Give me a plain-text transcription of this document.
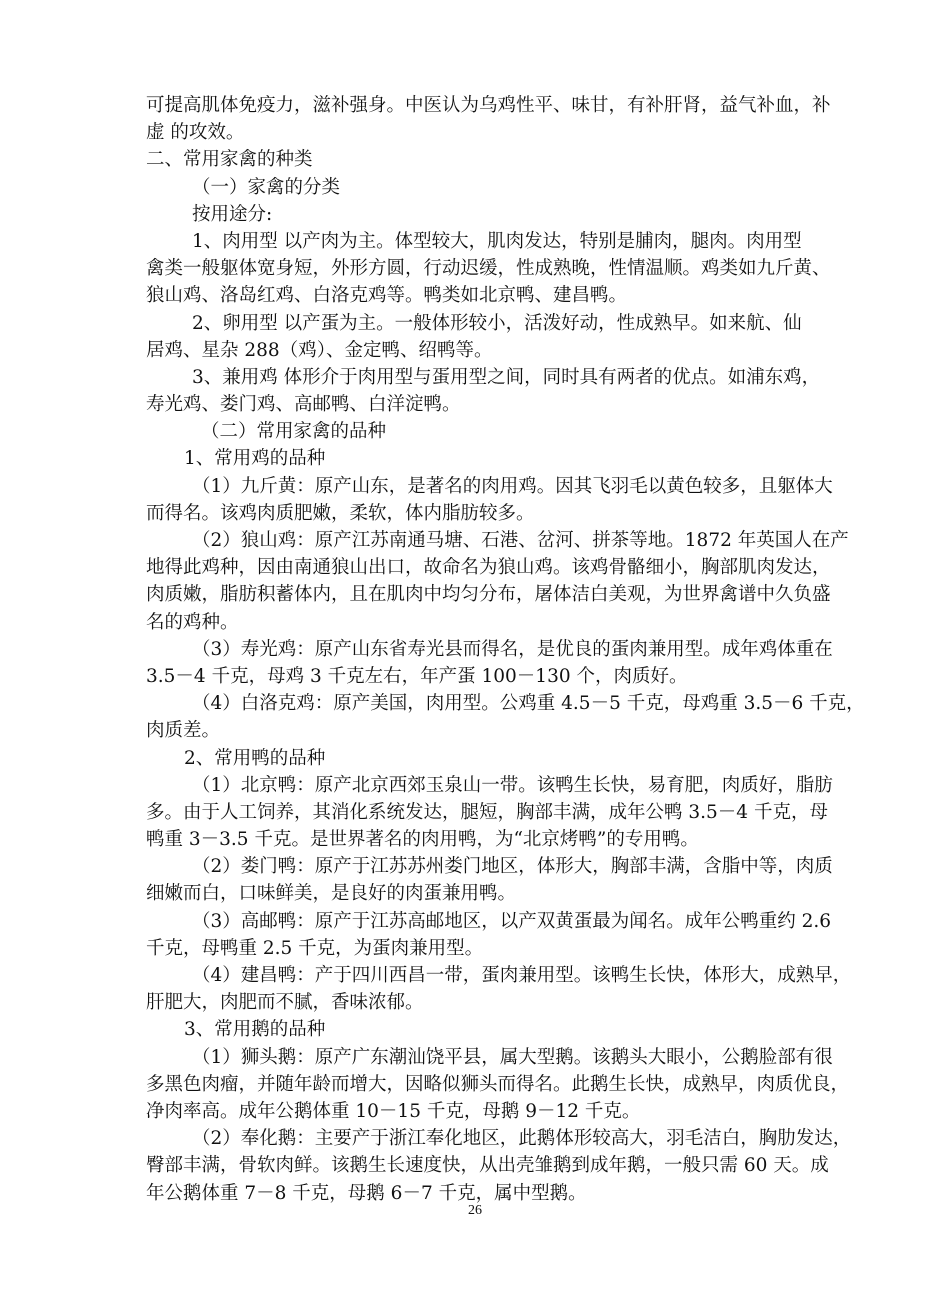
可提高肌体免疫力，滋补强身。中医认为乌鸡性平、味甘，有补肝肾，益气补血，补
虚 的攻效。
二、常用家禽的种类
（一）家禽的分类
按用途分:
1、肉用型 以产肉为主。体型较大，肌肉发达，特别是脯肉，腿肉。肉用型
禽类一般躯体宽身短，外形方圆，行动迟缓，性成熟晚，性情温顺。鸡类如九斤黄、
狼山鸡、洛岛红鸡、白洛克鸡等。鸭类如北京鸭、建昌鸭。
2、卵用型 以产蛋为主。一般体形较小，活泼好动，性成熟早。如来航、仙
居鸡、星杂 288（鸡）、金定鸭、绍鸭等。
3、兼用鸡 体形介于肉用型与蛋用型之间，同时具有两者的优点。如浦东鸡，
寿光鸡、娄门鸡、高邮鸭、白洋淀鸭。
（二）常用家禽的品种
1、常用鸡的品种
（1）九斤黄：原产山东，是著名的肉用鸡。因其飞羽毛以黄色较多，且躯体大
而得名。该鸡肉质肥嫩，柔软，体内脂肪较多。
（2）狼山鸡：原产江苏南通马塘、石港、岔河、拼茶等地。1872 年英国人在产
地得此鸡种，因由南通狼山出口，故命名为狼山鸡。该鸡骨骼细小，胸部肌肉发达，
肉质嫩，脂肪积蓄体内，且在肌肉中均匀分布，屠体洁白美观，为世界禽谱中久负盛
名的鸡种。
（3）寿光鸡：原产山东省寿光县而得名，是优良的蛋肉兼用型。成年鸡体重在
3.5－4 千克，母鸡 3 千克左右，年产蛋 100－130 个，肉质好。
（4）白洛克鸡：原产美国，肉用型。公鸡重 4.5－5 千克，母鸡重 3.5－6 千克，
肉质差。
2、常用鸭的品种
（1）北京鸭：原产北京西郊玉泉山一带。该鸭生长快，易育肥，肉质好，脂肪
多。由于人工饲养，其消化系统发达，腿短，胸部丰满，成年公鸭 3.5－4 千克，母
鸭重 3－3.5 千克。是世界著名的肉用鸭，为“北京烤鸭”的专用鸭。
（2）娄门鸭：原产于江苏苏州娄门地区，体形大，胸部丰满，含脂中等，肉质
细嫩而白，口味鲜美，是良好的肉蛋兼用鸭。
（3）高邮鸭：原产于江苏高邮地区，以产双黄蛋最为闻名。成年公鸭重约 2.6
千克，母鸭重 2.5 千克，为蛋肉兼用型。
（4）建昌鸭：产于四川西昌一带，蛋肉兼用型。该鸭生长快，体形大，成熟早，
肝肥大，肉肥而不腻，香味浓郁。
3、常用鹅的品种
（1）狮头鹅：原产广东潮汕饶平县，属大型鹅。该鹅头大眼小，公鹅脸部有很
多黑色肉瘤，并随年龄而增大，因略似狮头而得名。此鹅生长快，成熟早，肉质优良，
净肉率高。成年公鹅体重 10－15 千克，母鹅 9－12 千克。
（2）奉化鹅：主要产于浙江奉化地区，此鹅体形较高大，羽毛洁白，胸肋发达，
臀部丰满，骨软肉鲜。该鹅生长速度快，从出壳雏鹅到成年鹅，一般只需 60 天。成
年公鹅体重 7－8 千克，母鹅 6－7 千克，属中型鹅。
26
